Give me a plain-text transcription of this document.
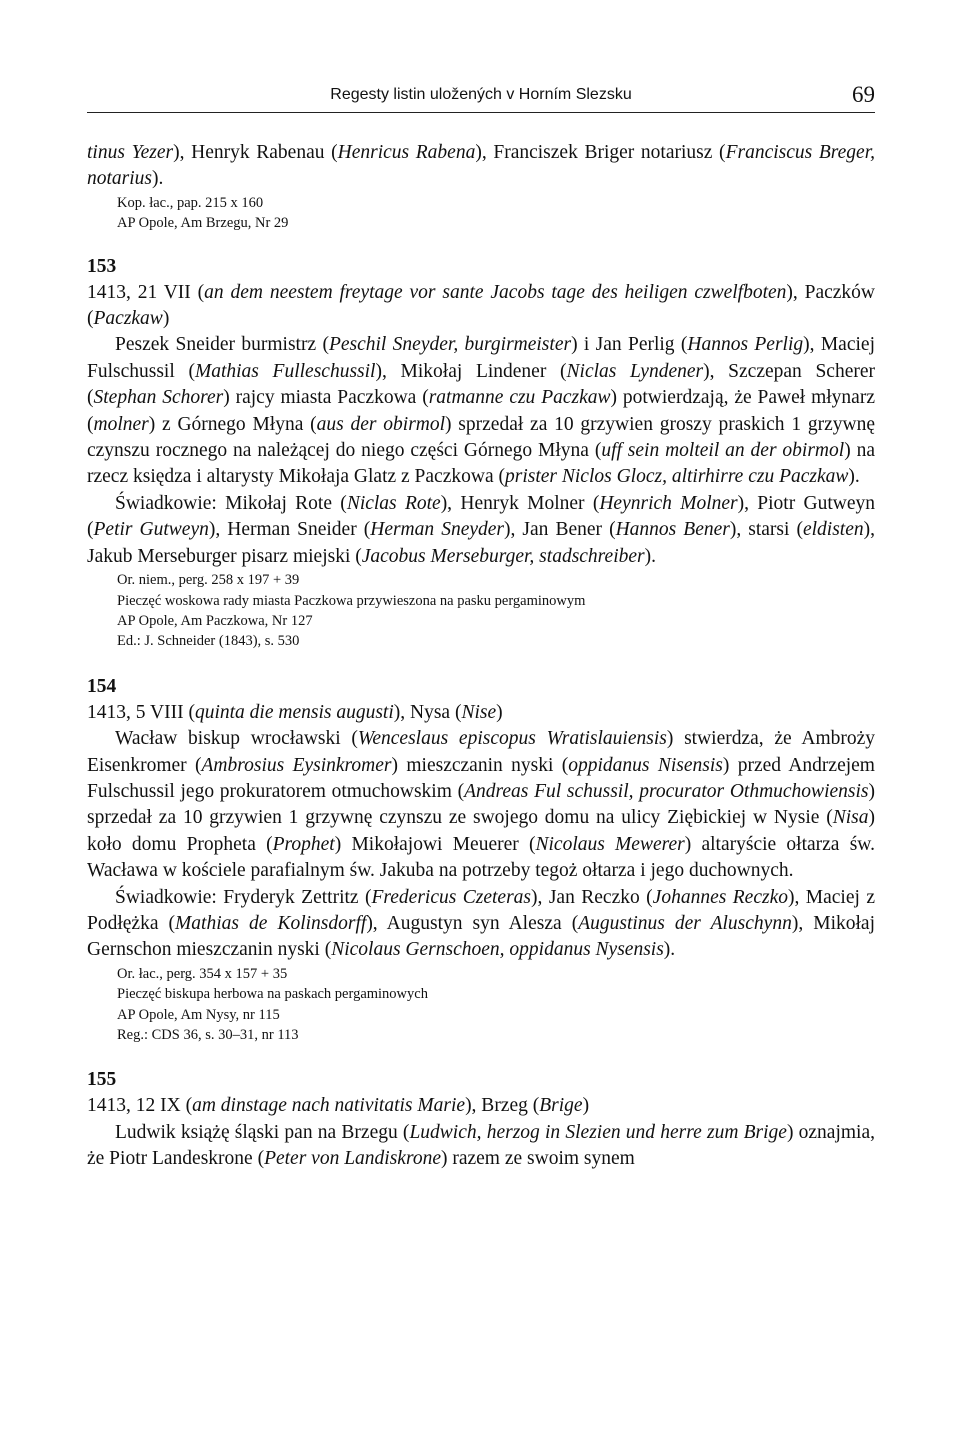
Regesty listin uložených v Horním Slezsku	69

tinus Yezer), Henryk Rabenau (Henricus Rabena), Franciszek Briger notariusz (Franciscus Breger, notarius).

Kop. łac., pap. 215 x 160
AP Opole, Am Brzegu, Nr 29
153

1413, 21 VII (an dem neestem freytage vor sante Jacobs tage des heiligen czwelfboten), Paczków (Paczkaw)

Peszek Sneider burmistrz (Peschil Sneyder, burgirmeister) i Jan Perlig (Hannos Perlig), Maciej Fulschussil (Mathias Fulleschussil), Mikołaj Lindener (Niclas Lyndener), Szczepan Scherer (Stephan Schorer) rajcy miasta Paczkowa (ratmanne czu Paczkaw) potwierdzają, że Paweł młynarz (molner) z Górnego Młyna (aus der obirmol) sprzedał za 10 grzywien groszy praskich 1 grzywnę czynszu rocznego na należącej do niego części Górnego Młyna (uff sein molteil an der obirmol) na rzecz księdza i altarysty Mikołaja Glatz z Paczkowa (prister Niclos Glocz, altirhirre czu Paczkaw).

Świadkowie: Mikołaj Rote (Niclas Rote), Henryk Molner (Heynrich Molner), Piotr Gutweyn (Petir Gutweyn), Herman Sneider (Herman Sneyder), Jan Bener (Hannos Bener), starsi (eldisten), Jakub Merseburger pisarz miejski (Jacobus Merseburger, stadschreiber).

Or. niem., perg. 258 x 197 + 39
Pieczęć woskowa rady miasta Paczkowa przywieszona na pasku pergaminowym
AP Opole, Am Paczkowa, Nr 127
Ed.: J. Schneider (1843), s. 530
154

1413, 5 VIII (quinta die mensis augusti), Nysa (Nise)

Wacław biskup wrocławski (Wenceslaus episcopus Wratislauiensis) stwierdza, że Ambroży Eisenkromer (Ambrosius Eysinkromer) mieszczanin nyski (oppidanus Nisensis) przed Andrzejem Fulschussil jego prokuratorem otmuchowskim (Andreas Ful schussil, procurator Othmuchowiensis) sprzedał za 10 grzywien 1 grzywnę czynszu ze swojego domu na ulicy Ziębickiej w Nysie (Nisa) koło domu Propheta (Prophet) Mikołajowi Meuerer (Nicolaus Mewerer) altaryście ołtarza św. Wacława w kościele parafialnym św. Jakuba na potrzeby tegoż ołtarza i jego duchownych.

Świadkowie: Fryderyk Zettritz (Fredericus Czeteras), Jan Reczko (Johannes Reczko), Maciej z Podłężka (Mathias de Kolinsdorff), Augustyn syn Alesza (Augustinus der Aluschynn), Mikołaj Gernschon mieszczanin nyski (Nicolaus Gernschoen, oppidanus Nysensis).

Or. łac., perg. 354 x 157 + 35
Pieczęć biskupa herbowa na paskach pergaminowych
AP Opole, Am Nysy, nr 115
Reg.: CDS 36, s. 30–31, nr 113
155

1413, 12 IX (am dinstage nach nativitatis Marie), Brzeg (Brige)

Ludwik książę śląski pan na Brzegu (Ludwich, herzog in Slezien und herre zum Brige) oznajmia, że Piotr Landeskrone (Peter von Landiskrone) razem ze swoim synem
